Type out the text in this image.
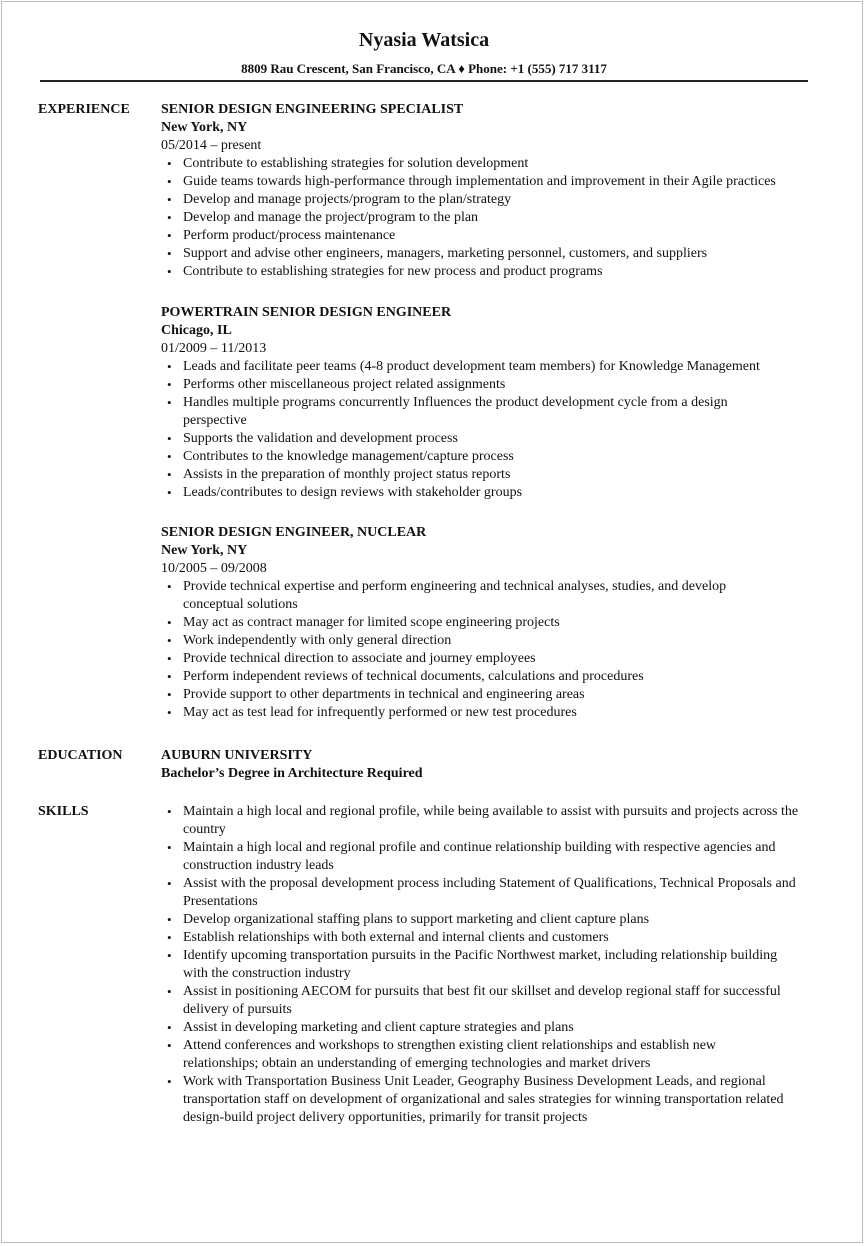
Nyasia Watsica
8809 Rau Crescent, San Francisco, CA ♦ Phone: +1 (555) 717 3117
EXPERIENCE SENIOR DESIGN ENGINEERING SPECIALIST
New York, NY
05/2014 – present
• Contribute to establishing strategies for solution development
• Guide teams towards high-performance through implementation and improvement in their Agile practices
• Develop and manage projects/program to the plan/strategy
• Develop and manage the project/program to the plan
• Perform product/process maintenance
• Support and advise other engineers, managers, marketing personnel, customers, and suppliers
• Contribute to establishing strategies for new process and product programs
POWERTRAIN SENIOR DESIGN ENGINEER
Chicago, IL
01/2009 – 11/2013
• Leads and facilitate peer teams (4-8 product development team members) for Knowledge Management
• Performs other miscellaneous project related assignments
• Handles multiple programs concurrently Influences the product development cycle from a design perspective
• Supports the validation and development process
• Contributes to the knowledge management/capture process
• Assists in the preparation of monthly project status reports
• Leads/contributes to design reviews with stakeholder groups
SENIOR DESIGN ENGINEER, NUCLEAR
New York, NY
10/2005 – 09/2008
• Provide technical expertise and perform engineering and technical analyses, studies, and develop conceptual solutions
• May act as contract manager for limited scope engineering projects
• Work independently with only general direction
• Provide technical direction to associate and journey employees
• Perform independent reviews of technical documents, calculations and procedures
• Provide support to other departments in technical and engineering areas
• May act as test lead for infrequently performed or new test procedures
EDUCATION	AUBURN UNIVERSITY
Bachelor’s Degree in Architecture Required
SKILLS
•	Maintain a high local and regional profile, while being available to assist with pursuits and projects across the country
• Maintain a high local and regional profile and continue relationship building with respective agencies and construction industry leads
• Assist with the proposal development process including Statement of Qualifications, Technical Proposals and Presentations
• Develop organizational staffing plans to support marketing and client capture plans
• Establish relationships with both external and internal clients and customers
• Identify upcoming transportation pursuits in the Pacific Northwest market, including relationship building with the construction industry
• Assist in positioning AECOM for pursuits that best fit our skillset and develop regional staff for successful delivery of pursuits
• Assist in developing marketing and client capture strategies and plans
• Attend conferences and workshops to strengthen existing client relationships and establish new relationships; obtain an understanding of emerging technologies and market drivers
• Work with Transportation Business Unit Leader, Geography Business Development Leads, and regional transportation staff on development of organizational and sales strategies for winning transportation related design-build project delivery opportunities, primarily for transit projects
